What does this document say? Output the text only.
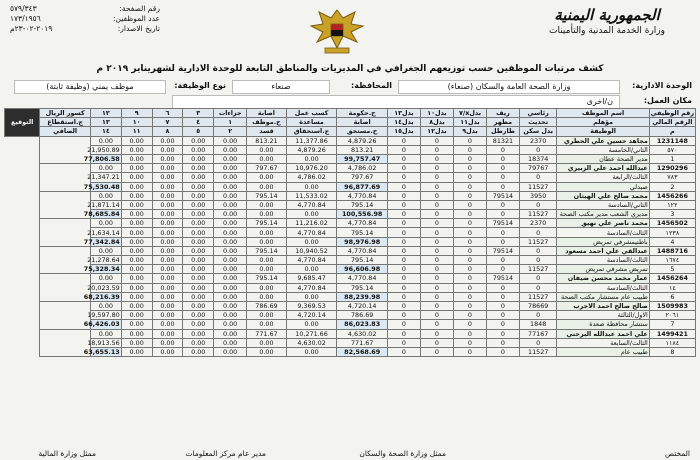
الجمهورية اليمنية
وزارة الخدمة المدنية والتأمينات
رقم الصفحة:
٥٧٩/٣٤٣
عدد الموظفين:
١٧٣/١٩٥٦
تاريخ الاصدار:
٢٠١٩-٠٢-٢٣م
كشف مرتبات الموظفين حسب توزيعهم الجغرافي في المديريات والمناطق التابعة للوحدة الادارية لشهريناير ٢٠١٩ م
الوحدة الادارية:
وزارة الصحة العامة والسكان (صنعاء)
المحافظة:
صنعاء
نوع الوظيفة:
موظف يمني (وظيفة ثابتة)
مكان العمل:
ن/اخرى
رقم الوظيفي	اسم الموظف	رئاسي	ريف	بدلx/٧	بدل١٠	بدل١٣	ح.حكومة	كسب عمل	اصابة	جزاءات	٣	٦	٩	١٢	كسور الريال	التوقيع
الرقم المالي	مؤهلم	تحديث	مظهر	بدل١١	بدل٨	بدل١٤	اصابة	مساعدة	ح.موظف	١	٤	٧	١٠	١٣	ج.استقطاع	
م	الوظيفة	بدل سكن	طارطل	بدل٩	بدل١٢	بدل١٥	ح.مستحق	ج.استحقاق	قسد	٢	٥	٨	١١	١٤	الصافي	
1231148	مجاهد حسين علي الحطري	2370	81321	0	0	0	4,879.26	11,377.86	813.21	0.00	0.00	0.00	0.00	0.00		
٥٧٠	الثاني/الخامسة	0	0	0	0	0	813.21	4,879.26	0.00	0.00	0.00	0.00	0.00	21,950.89		
1	مدير الصحة عطان	18374	0	0	0	0	99,757.47	0.00	0.00	0.00	0.00	0.00	0.00	77,806.58		
1290296	عبدالله احمد علي الزبيري	79767	0	0	0	0	4,786.02	10,976.20	797.67	0.00	0.00	0.00	0.00	0.00		
٧٨٣	الثالث/الرابعة	0	0	0	0	0	797.67	4,786.02	0.00	0.00	0.00	0.00	0.00	21,347.21		
2	صيدلي	11527	0	0	0	0	96,877.69	0.00	0.00	0.00	0.00	0.00	0.00	75,530.48		
1456266	محمد صالح علي الهيثان	3950	79514	0	0	0	4,770.84	11,533.02	795.14	0.00	0.00	0.00	0.00	0.00		
١٢٢	الثاني/السادسة	0	0	0	0	0	795.14	4,770.84	0.00	0.00	0.00	0.00	0.00	21,871.14		
3	مديري الشعب مدير مكتب الصحة	11527	0	0	0	0	100,556.98	0.00	0.00	0.00	0.00	0.00	0.00	78,685.84		
1456502	محمد ناصر علي نهيق	2370	79514	0	0	0	4,770.84	11,216.02	795.14	0.00	0.00	0.00	0.00	0.00		
١٢٣٨	الثالث/السادسة	0	0	0	0	0	795.14	4,770.84	0.00	0.00	0.00	0.00	0.00	21,634.14		
4	باطنيمشرفي تمريض	11527	0	0	0	0	98,976.98	0.00	0.00	0.00	0.00	0.00	0.00	77,342.84		
1488716	عبدالقي علي احمد مسعود	0	79514	0	0	0	4,770.84	10,940.52	795.14	0.00	0.00	0.00	0.00	0.00		
١٦٧٤	الثالث/السادسة	0	0	0	0	0	795.14	4,770.84	0.00	0.00	0.00	0.00	0.00	21,278.64		
5	تمريض مشرفي تمريض	11527	0	0	0	0	96,606.98	0.00	0.00	0.00	0.00	0.00	0.00	75,328.34		
1456264	عمار محمد محسن ضيفان	0	79514	0	0	0	4,770.84	9,685.47	795.14	0.00	0.00	0.00	0.00	0.00		
١٤	الثالث/السادسة	0	0	0	0	0	795.14	4,770.84	0.00	0.00	0.00	0.00	0.00	20,023.59		
6	طبيب عام مستشار مكتب الصحة	11527	0	0	0	0	88,239.98	0.00	0.00	0.00	0.00	0.00	0.00	68,216.39		
1509983	صالح صالح احمد الاجرب	78669	0	0	0	0	4,720.14	9,369.53	786.69	0.00	0.00	0.00	0.00	0.00		
٢٠٦١	الاول/الثالثة	0	0	0	0	0	786.69	4,720.14	0.00	0.00	0.00	0.00	0.00	19,597.80		
7	ستشار محافظة صعدة	1848	0	0	0	0	86,023.83	0.00	0.00	0.00	0.00	0.00	0.00	66,426.03		
1499421	علي احمد عبدالله البرحني	77167	0	0	0	0	4,630.02	10,271.66	771.67	0.00	0.00	0.00	0.00	0.00		
١١٨٤	الثالث/السابعة	0	0	0	0	0	771.67	4,630.02	0.00	0.00	0.00	0.00	0.00	18,913.56		
8	طبيب عام	11527	0	0	0	0	82,568.69	0.00	0.00	0.00	0.00	0.00	0.00	63,655.13		
المختص
ممثل وزارة الصحة والسكان
مدير عام مركز المعلومات
ممثل وزارة المالية
